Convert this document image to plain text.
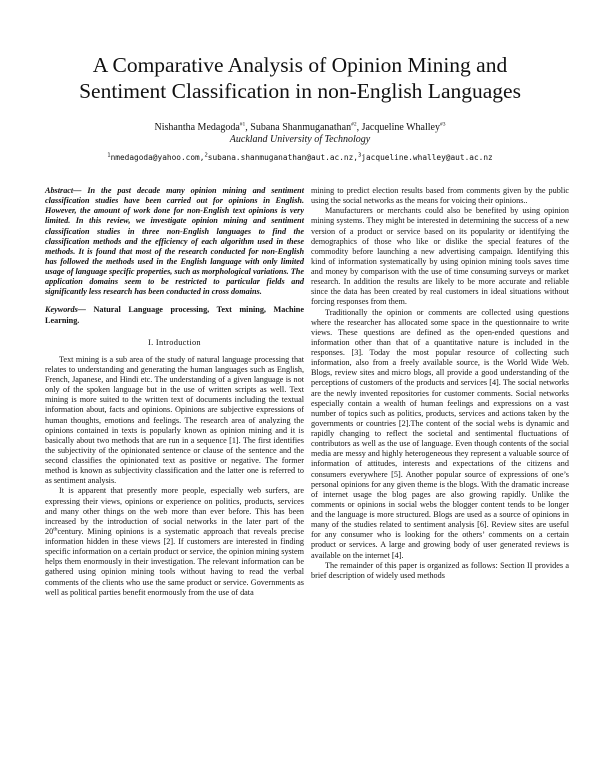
A Comparative Analysis of Opinion Mining and
Sentiment Classification in non-English Languages
Nishantha Medagoda$^{\#1}$, Subana Shanmuganathan$^{\#2}$, Jacqueline Whalley$^{\#3}$
Auckland University of Technology
$^1$nmedagoda@yahoo.com,$^2$subana.shanmuganathan@aut.ac.nz,$^3$jacqueline.whalley@aut.ac.nz

Abstract— In the past decade many opinion mining and sentiment classification studies have been carried out for opinions in English. However, the amount of work done for non-English text opinions is very limited. In this review, we investigate opinion mining and sentiment classification studies in three non-English languages to find the classification methods and the efficiency of each algorithm used in these methods. It is found that most of the research conducted for non-English has followed the methods used in the English language with only limited usage of language specific properties, such as morphological variations. The application domains seem to be restricted to particular fields and significantly less research has been conducted in cross domains.

Keywords— Natural Language processing, Text mining, Machine Learning.

I. Introduction

Text mining is a sub area of the study of natural language processing that relates to understanding and generating the human languages such as English, French, Japanese, and Hindi etc. The understanding of a given language is not only of the spoken language but in the use of written scripts as well. Text mining is more suited to the written text of documents including the textual information about, facts and opinions. Opinions are subjective expressions of human thoughts, emotions and feelings. The research area of analyzing the opinions contained in texts is popularly known as opinion mining and it is basically about two methods that are run in a sequence [1]. The first identifies the subjectivity of the opinionated sentence or clause of the sentence and the second classifies the opinionated text as positive or negative. The former method is known as subjectivity classification and the latter one is referred to as sentiment analysis.

It is apparent that presently more people, especially web surfers, are expressing their views, opinions or experience on politics, products, services and many other things on the web more than ever before. This has been increased by the introduction of social networks in the later part of the 20thcentury. Mining opinions is a systematic approach that reveals precise information hidden in these views [2]. If customers are interested in finding specific information on a certain product or service, the opinion mining system helps them enormously in their investigation. The relevant information can be gathered using opinion mining tools without having to read the verbal comments of the clients who use the same product or service. Governments as well as political parties benefit enormously from the use of data

mining to predict election results based from comments given by the public using the social networks as the means for voicing their opinions..

Manufacturers or merchants could also be benefited by using opinion mining systems. They might be interested in determining the success of a new version of a product or service based on its popularity or identifying the demographics of those who like or dislike the special features of the commodity before launching a new advertising campaign. Identifying this kind of information systematically by using opinion mining tools saves time and money by comparison with the use of time consuming surveys or market research. In addition the results are likely to be more accurate and reliable since the data has been created by real customers in ideal situations without forcing responses from them.

Traditionally the opinion or comments are collected using questions where the researcher has allocated some space in the questionnaire to write views. These questions are defined as the open-ended questions and information other than that of a quantitative nature is included in the responses. [3]. Today the most popular resource of collecting such information, also from a freely available source, is the World Wide Web. Blogs, review sites and micro blogs, all provide a good understanding of the perceptions of customers of the products and services [4]. The social networks are the newly invented repositories for customer comments. Social networks especially contain a wealth of human feelings and expressions on a vast number of topics such as politics, products, services and actions taken by the governments or countries [2].The content of the social webs is dynamic and rapidly changing to reflect the societal and sentimental fluctuations of contributors as well as the use of language. Even though contents of the social media are messy and highly heterogeneous they represent a valuable source of information of attitudes, interests and expectations of the citizens and consumers everywhere [5]. Another popular source of expressions of one’s personal opinions for any given theme is the blogs. With the dramatic increase of internet usage the blog pages are also growing rapidly. Unlike the comments or opinions in social webs the blogger content tends to be longer and the language is more structured. Blogs are used as a source of opinions in many of the studies related to sentiment analysis [6]. Review sites are useful for any consumer who is looking for the others’ comments on a certain product or services. A large and growing body of user generated reviews is available on the internet [4].

The remainder of this paper is organized as follows: Section II provides a brief description of widely used methods
